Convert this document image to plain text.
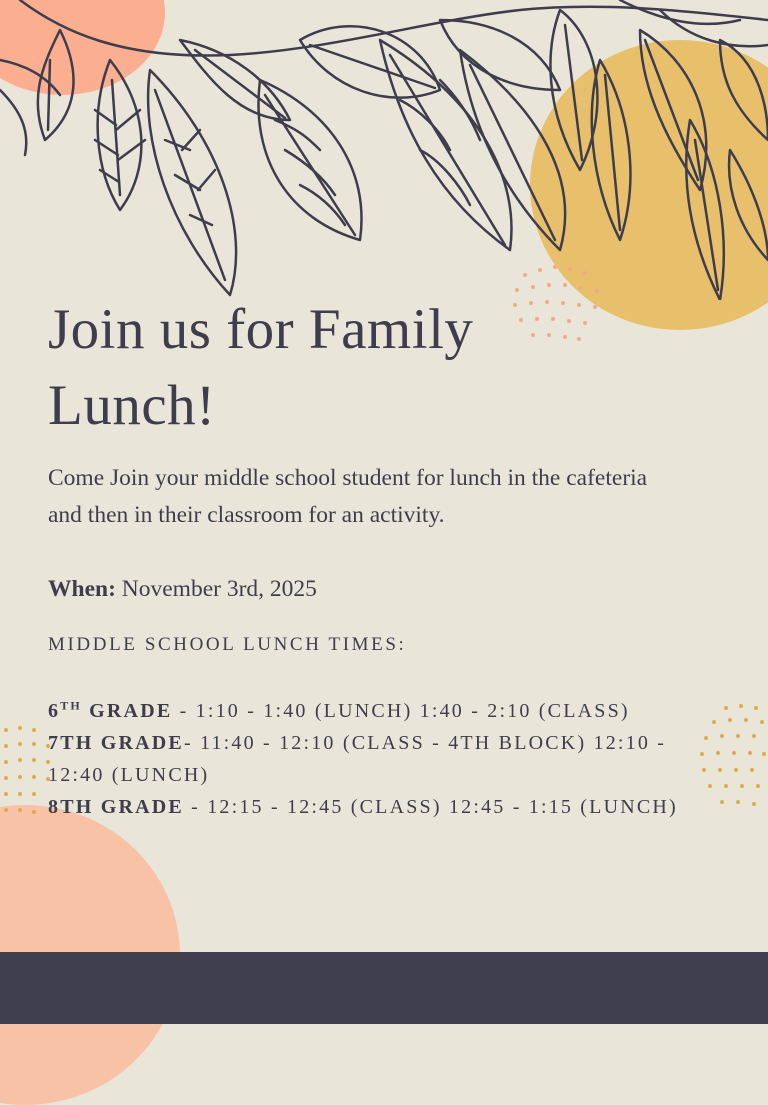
Join us for Family Lunch!

Come Join your middle school student for lunch in the cafeteria and then in their classroom for an activity.

When: November 3rd, 2025

MIDDLE SCHOOL LUNCH TIMES:

6TH GRADE - 1:10 - 1:40 (LUNCH) 1:40 - 2:10 (CLASS)
7TH GRADE- 11:40 - 12:10 (CLASS - 4TH BLOCK) 12:10 - 12:40 (LUNCH)
8TH GRADE - 12:15 - 12:45 (CLASS) 12:45 - 1:15 (LUNCH)
